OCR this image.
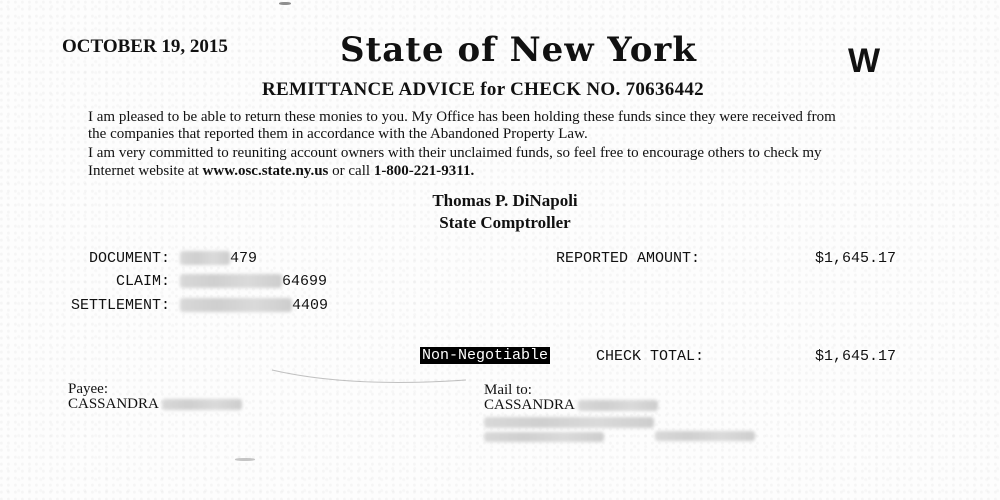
OCTOBER 19, 2015	State of New York	W
REMITTANCE ADVICE for CHECK NO. 70636442
I am pleased to be able to return these monies to you. My Office has been holding these funds since they were received from
the companies that reported them in accordance with the Abandoned Property Law.
I am very committed to reuniting account owners with their unclaimed funds, so feel free to encourage others to check my
Internet website at www.osc.state.ny.us or call 1-800-221-9311.
Thomas P. DiNapoli
State Comptroller
DOCUMENT:	479
CLAIM:	64699
SETTLEMENT:	4409
REPORTED AMOUNT:	$1,645.17
Non-Negotiable	CHECK TOTAL:	$1,645.17
Payee:
CASSANDRA
Mail to:
CASSANDRA
